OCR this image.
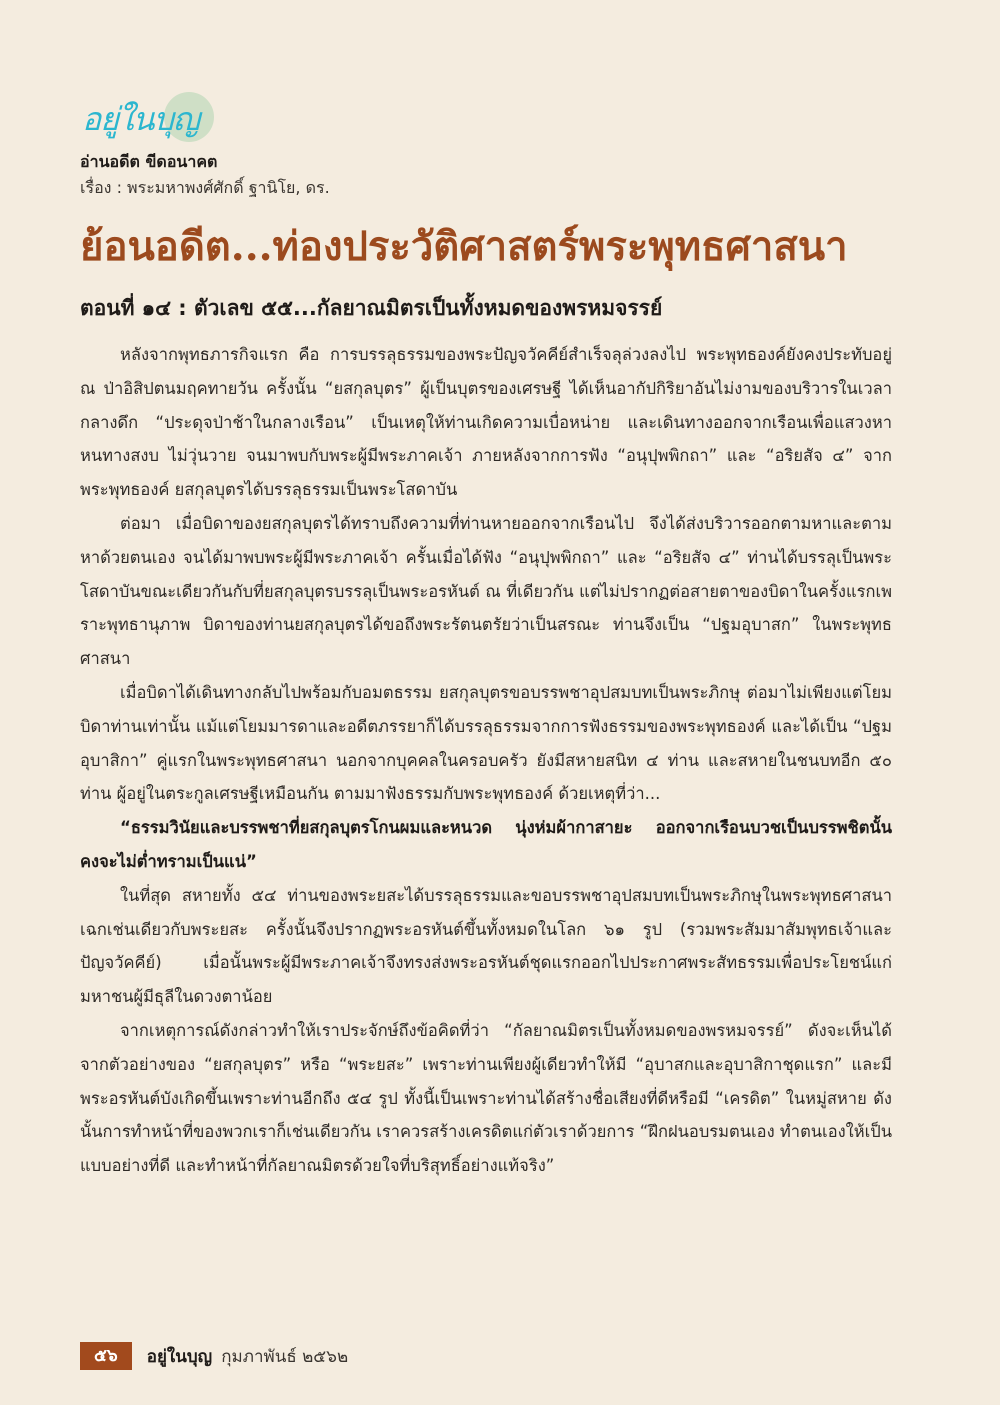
อยู่ในบุญ
อ่านอดีต ขีดอนาคต
เรื่อง : พระมหาพงศ์ศักดิ์ ฐานิโย, ดร.
ย้อนอดีต...ท่องประวัติศาสตร์พระพุทธศาสนา
ตอนที่ ๑๔ : ตัวเลข ๕๕...กัลยาณมิตรเป็นทั้งหมดของพรหมจรรย์

หลังจากพุทธภารกิจแรก คือ การบรรลุธรรมของพระปัญจวัคคีย์สำเร็จลุล่วงลงไป พระพุทธองค์ยังคงประทับอยู่ ณ ป่าอิสิปตนมฤคทายวัน ครั้งนั้น “ยสกุลบุตร” ผู้เป็นบุตรของเศรษฐี ได้เห็นอากัปกิริยาอันไม่งามของบริวารในเวลากลางดึก “ประดุจป่าช้าในกลางเรือน” เป็นเหตุให้ท่านเกิดความเบื่อหน่าย และเดินทางออกจากเรือนเพื่อแสวงหาหนทางสงบ ไม่วุ่นวาย จนมาพบกับพระผู้มีพระภาคเจ้า ภายหลังจากการฟัง “อนุปุพพิกถา” และ “อริยสัจ ๔” จากพระพุทธองค์ ยสกุลบุตรได้บรรลุธรรมเป็นพระโสดาบัน

ต่อมา เมื่อบิดาของยสกุลบุตรได้ทราบถึงความที่ท่านหายออกจากเรือนไป จึงได้ส่งบริวารออกตามหาและตามหาด้วยตนเอง จนได้มาพบพระผู้มีพระภาคเจ้า ครั้นเมื่อได้ฟัง “อนุปุพพิกถา” และ “อริยสัจ ๔” ท่านได้บรรลุเป็นพระโสดาบันขณะเดียวกันกับที่ยสกุลบุตรบรรลุเป็นพระอรหันต์ ณ ที่เดียวกัน แต่ไม่ปรากฏต่อสายตาของบิดาในครั้งแรกเพราะพุทธานุภาพ บิดาของท่านยสกุลบุตรได้ขอถึงพระรัตนตรัยว่าเป็นสรณะ ท่านจึงเป็น “ปฐมอุบาสก” ในพระพุทธศาสนา

เมื่อบิดาได้เดินทางกลับไปพร้อมกับอมตธรรม ยสกุลบุตรขอบรรพชาอุปสมบทเป็นพระภิกษุ ต่อมาไม่เพียงแต่โยมบิดาท่านเท่านั้น แม้แต่โยมมารดาและอดีตภรรยาก็ได้บรรลุธรรมจากการฟังธรรมของพระพุทธองค์ และได้เป็น “ปฐมอุบาสิกา” คู่แรกในพระพุทธศาสนา นอกจากบุคคลในครอบครัว ยังมีสหายสนิท ๔ ท่าน และสหายในชนบทอีก ๕๐ ท่าน ผู้อยู่ในตระกูลเศรษฐีเหมือนกัน ตามมาฟังธรรมกับพระพุทธองค์ ด้วยเหตุที่ว่า...

“ธรรมวินัยและบรรพชาที่ยสกุลบุตรโกนผมและหนวด นุ่งห่มผ้ากาสายะ ออกจากเรือนบวชเป็นบรรพชิตนั้น คงจะไม่ต่ำทรามเป็นแน่”

ในที่สุด สหายทั้ง ๕๔ ท่านของพระยสะได้บรรลุธรรมและขอบรรพชาอุปสมบทเป็นพระภิกษุในพระพุทธศาสนาเฉกเช่นเดียวกับพระยสะ ครั้งนั้นจึงปรากฏพระอรหันต์ขึ้นทั้งหมดในโลก ๖๑ รูป (รวมพระสัมมาสัมพุทธเจ้าและปัญจวัคคีย์) เมื่อนั้นพระผู้มีพระภาคเจ้าจึงทรงส่งพระอรหันต์ชุดแรกออกไปประกาศพระสัทธรรมเพื่อประโยชน์แก่มหาชนผู้มีธุลีในดวงตาน้อย

จากเหตุการณ์ดังกล่าวทำให้เราประจักษ์ถึงข้อคิดที่ว่า “กัลยาณมิตรเป็นทั้งหมดของพรหมจรรย์” ดังจะเห็นได้จากตัวอย่างของ “ยสกุลบุตร” หรือ “พระยสะ” เพราะท่านเพียงผู้เดียวทำให้มี “อุบาสกและอุบาสิกาชุดแรก” และมีพระอรหันต์บังเกิดขึ้นเพราะท่านอีกถึง ๕๔ รูป ทั้งนี้เป็นเพราะท่านได้สร้างชื่อเสียงที่ดีหรือมี “เครดิต” ในหมู่สหาย ดังนั้นการทำหน้าที่ของพวกเราก็เช่นเดียวกัน เราควรสร้างเครดิตแก่ตัวเราด้วยการ “ฝึกฝนอบรมตนเอง ทำตนเองให้เป็นแบบอย่างที่ดี และทำหน้าที่กัลยาณมิตรด้วยใจที่บริสุทธิ์อย่างแท้จริง”

๕๖ อยู่ในบุญ กุมภาพันธ์ ๒๕๖๒
